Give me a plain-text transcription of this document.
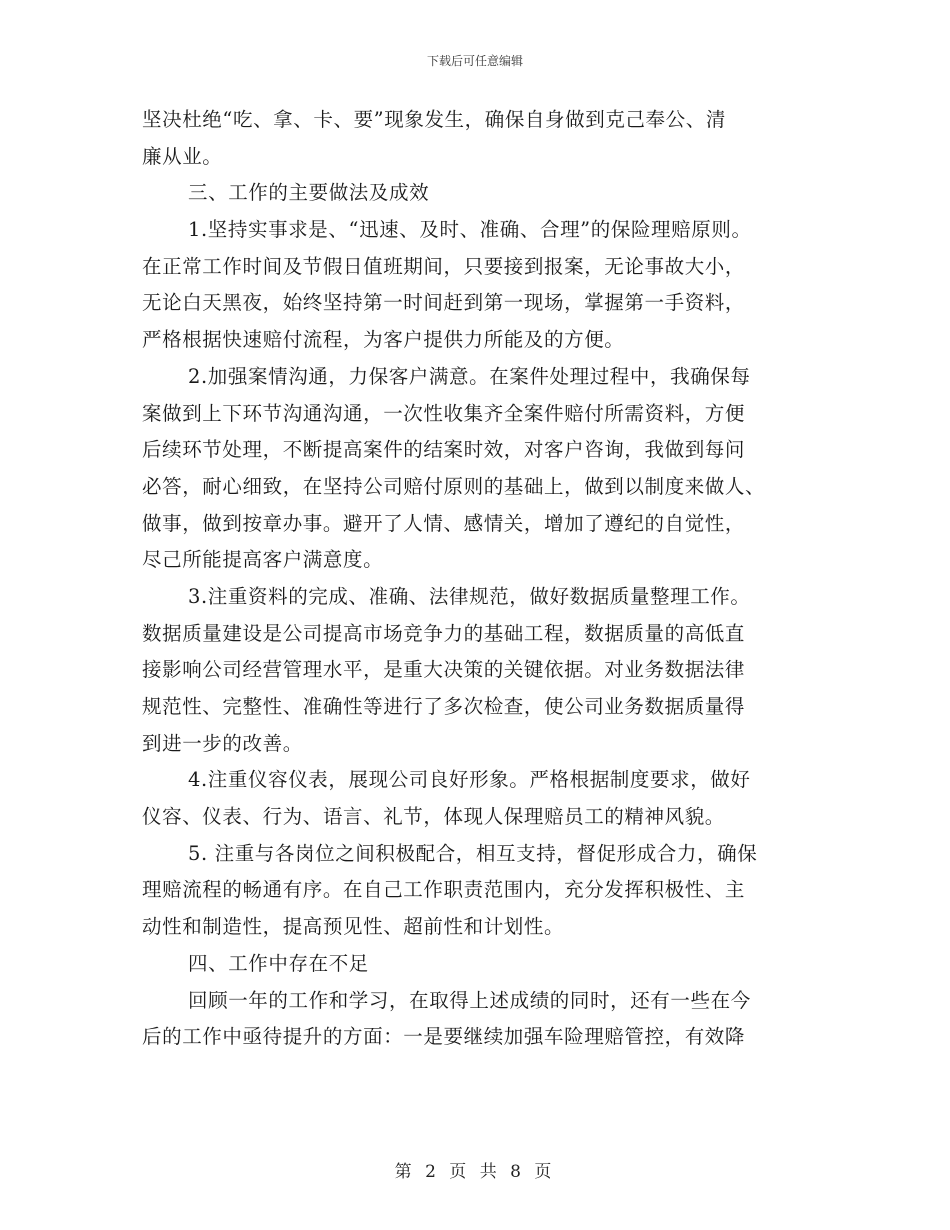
下载后可任意编辑
坚决杜绝“吃、拿、卡、要”现象发生，确保自身做到克己奉公、清
廉从业。
三、工作的主要做法及成效
1.坚持实事求是、“迅速、及时、准确、合理”的保险理赔原则。
在正常工作时间及节假日值班期间，只要接到报案，无论事故大小，
无论白天黑夜，始终坚持第一时间赶到第一现场，掌握第一手资料，
严格根据快速赔付流程，为客户提供力所能及的方便。
2.加强案情沟通，力保客户满意。在案件处理过程中，我确保每
案做到上下环节沟通沟通，一次性收集齐全案件赔付所需资料，方便
后续环节处理，不断提高案件的结案时效，对客户咨询，我做到每问
必答，耐心细致，在坚持公司赔付原则的基础上，做到以制度来做人、
做事，做到按章办事。避开了人情、感情关，增加了遵纪的自觉性，
尽己所能提高客户满意度。
3.注重资料的完成、准确、法律规范，做好数据质量整理工作。
数据质量建设是公司提高市场竞争力的基础工程，数据质量的高低直
接影响公司经营管理水平，是重大决策的关键依据。对业务数据法律
规范性、完整性、准确性等进行了多次检查，使公司业务数据质量得
到进一步的改善。
4.注重仪容仪表，展现公司良好形象。严格根据制度要求，做好
仪容、仪表、行为、语言、礼节，体现人保理赔员工的精神风貌。
5. 注重与各岗位之间积极配合，相互支持，督促形成合力，确保
理赔流程的畅通有序。在自己工作职责范围内，充分发挥积极性、主
动性和制造性，提高预见性、超前性和计划性。
四、工作中存在不足
回顾一年的工作和学习，在取得上述成绩的同时，还有一些在今
后的工作中亟待提升的方面：一是要继续加强车险理赔管控，有效降
第 2 页 共 8 页
